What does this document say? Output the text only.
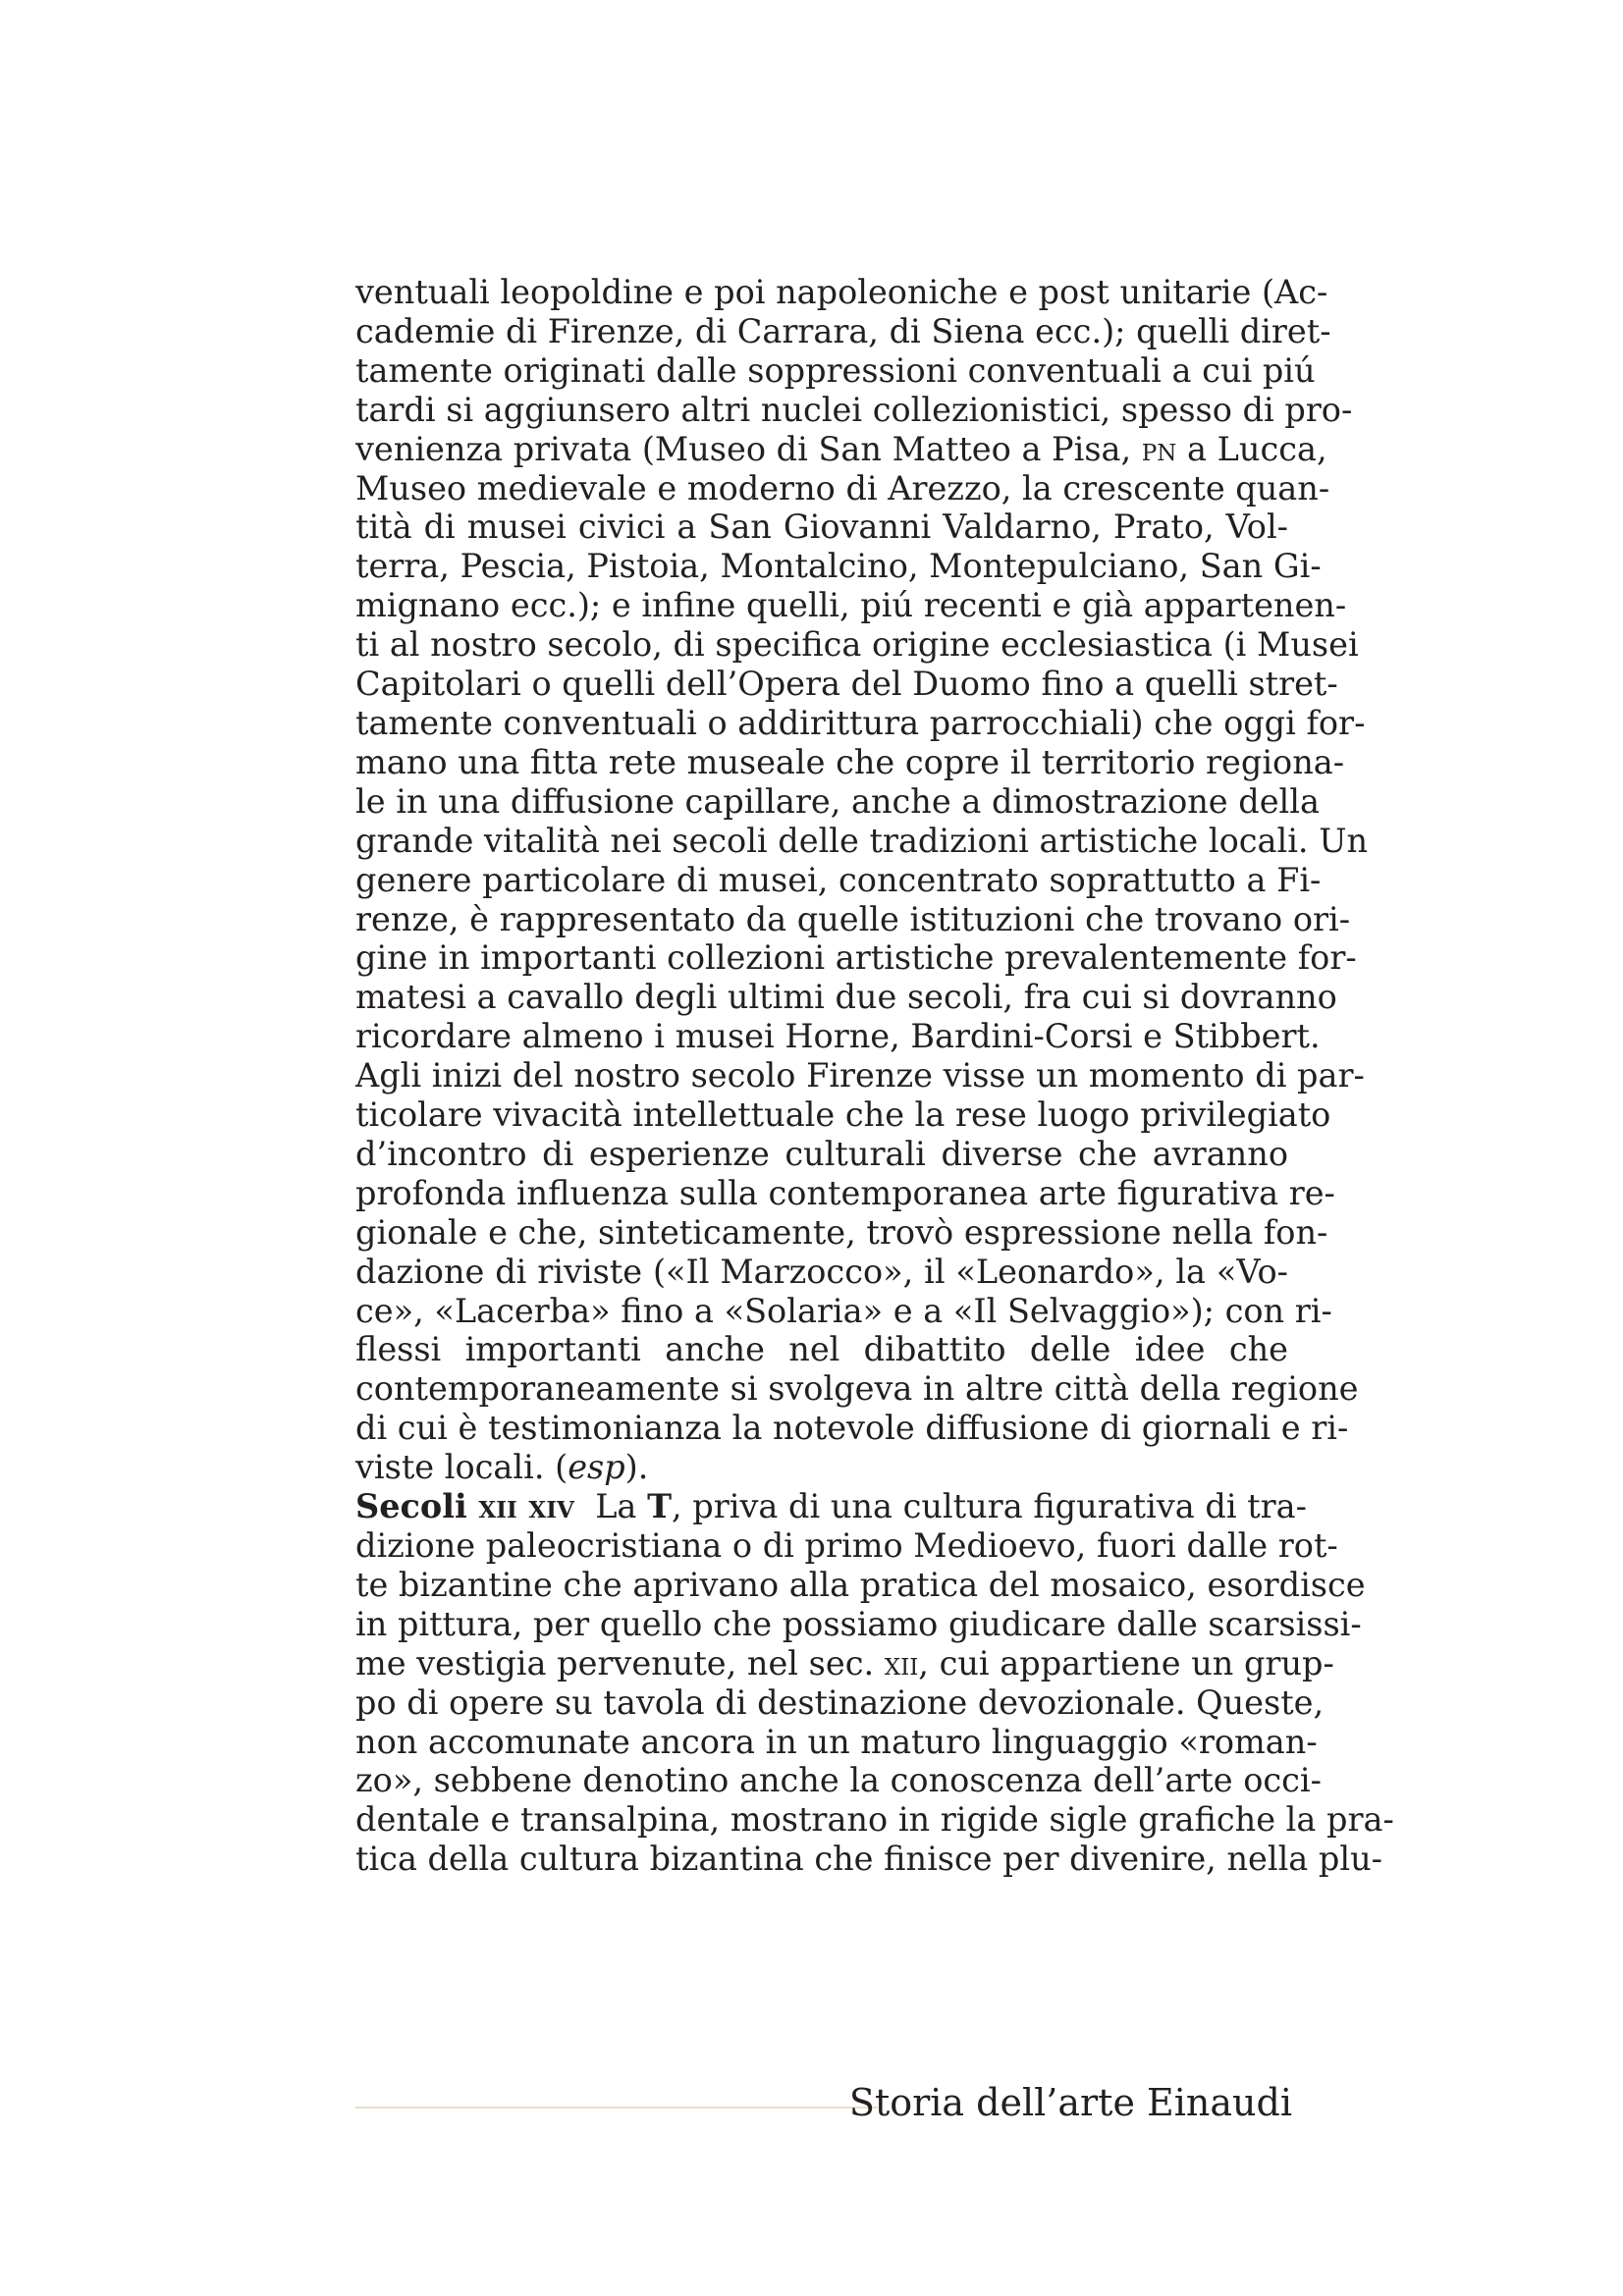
ventuali leopoldine e poi napoleoniche e post unitarie (Ac-
cademie di Firenze, di Carrara, di Siena ecc.); quelli diret-
tamente originati dalle soppressioni conventuali a cui piú
tardi si aggiunsero altri nuclei collezionistici, spesso di pro-
venienza privata (Museo di San Matteo a Pisa, pn a Lucca,
Museo medievale e moderno di Arezzo, la crescente quan-
tità di musei civici a San Giovanni Valdarno, Prato, Vol-
terra, Pescia, Pistoia, Montalcino, Montepulciano, San Gi-
mignano ecc.); e infine quelli, piú recenti e già appartenen-
ti al nostro secolo, di specifica origine ecclesiastica (i Musei
Capitolari o quelli dell’Opera del Duomo fino a quelli stret-
tamente conventuali o addirittura parrocchiali) che oggi for-
mano una fitta rete museale che copre il territorio regiona-
le in una diffusione capillare, anche a dimostrazione della
grande vitalità nei secoli delle tradizioni artistiche locali. Un
genere particolare di musei, concentrato soprattutto a Fi-
renze, è rappresentato da quelle istituzioni che trovano ori-
gine in importanti collezioni artistiche prevalentemente for-
matesi a cavallo degli ultimi due secoli, fra cui si dovranno
ricordare almeno i musei Horne, Bardini-Corsi e Stibbert.
Agli inizi del nostro secolo Firenze visse un momento di par-
ticolare vivacità intellettuale che la rese luogo privilegiato
d’incontro di esperienze culturali diverse che avranno
profonda influenza sulla contemporanea arte figurativa re-
gionale e che, sinteticamente, trovò espressione nella fon-
dazione di riviste («Il Marzocco», il «Leonardo», la «Vo-
ce», «Lacerba» fino a «Solaria» e a «Il Selvaggio»); con ri-
flessi importanti anche nel dibattito delle idee che
contemporaneamente si svolgeva in altre città della regione
di cui è testimonianza la notevole diffusione di giornali e ri-
viste locali. (esp).
Secoli xii xiv La T, priva di una cultura figurativa di tra-
dizione paleocristiana o di primo Medioevo, fuori dalle rot-
te bizantine che aprivano alla pratica del mosaico, esordisce
in pittura, per quello che possiamo giudicare dalle scarsissi-
me vestigia pervenute, nel sec. xii, cui appartiene un grup-
po di opere su tavola di destinazione devozionale. Queste,
non accomunate ancora in un maturo linguaggio «roman-
zo», sebbene denotino anche la conoscenza dell’arte occi-
dentale e transalpina, mostrano in rigide sigle grafiche la pra-
tica della cultura bizantina che finisce per divenire, nella plu-
Storia dell’arte Einaudi
